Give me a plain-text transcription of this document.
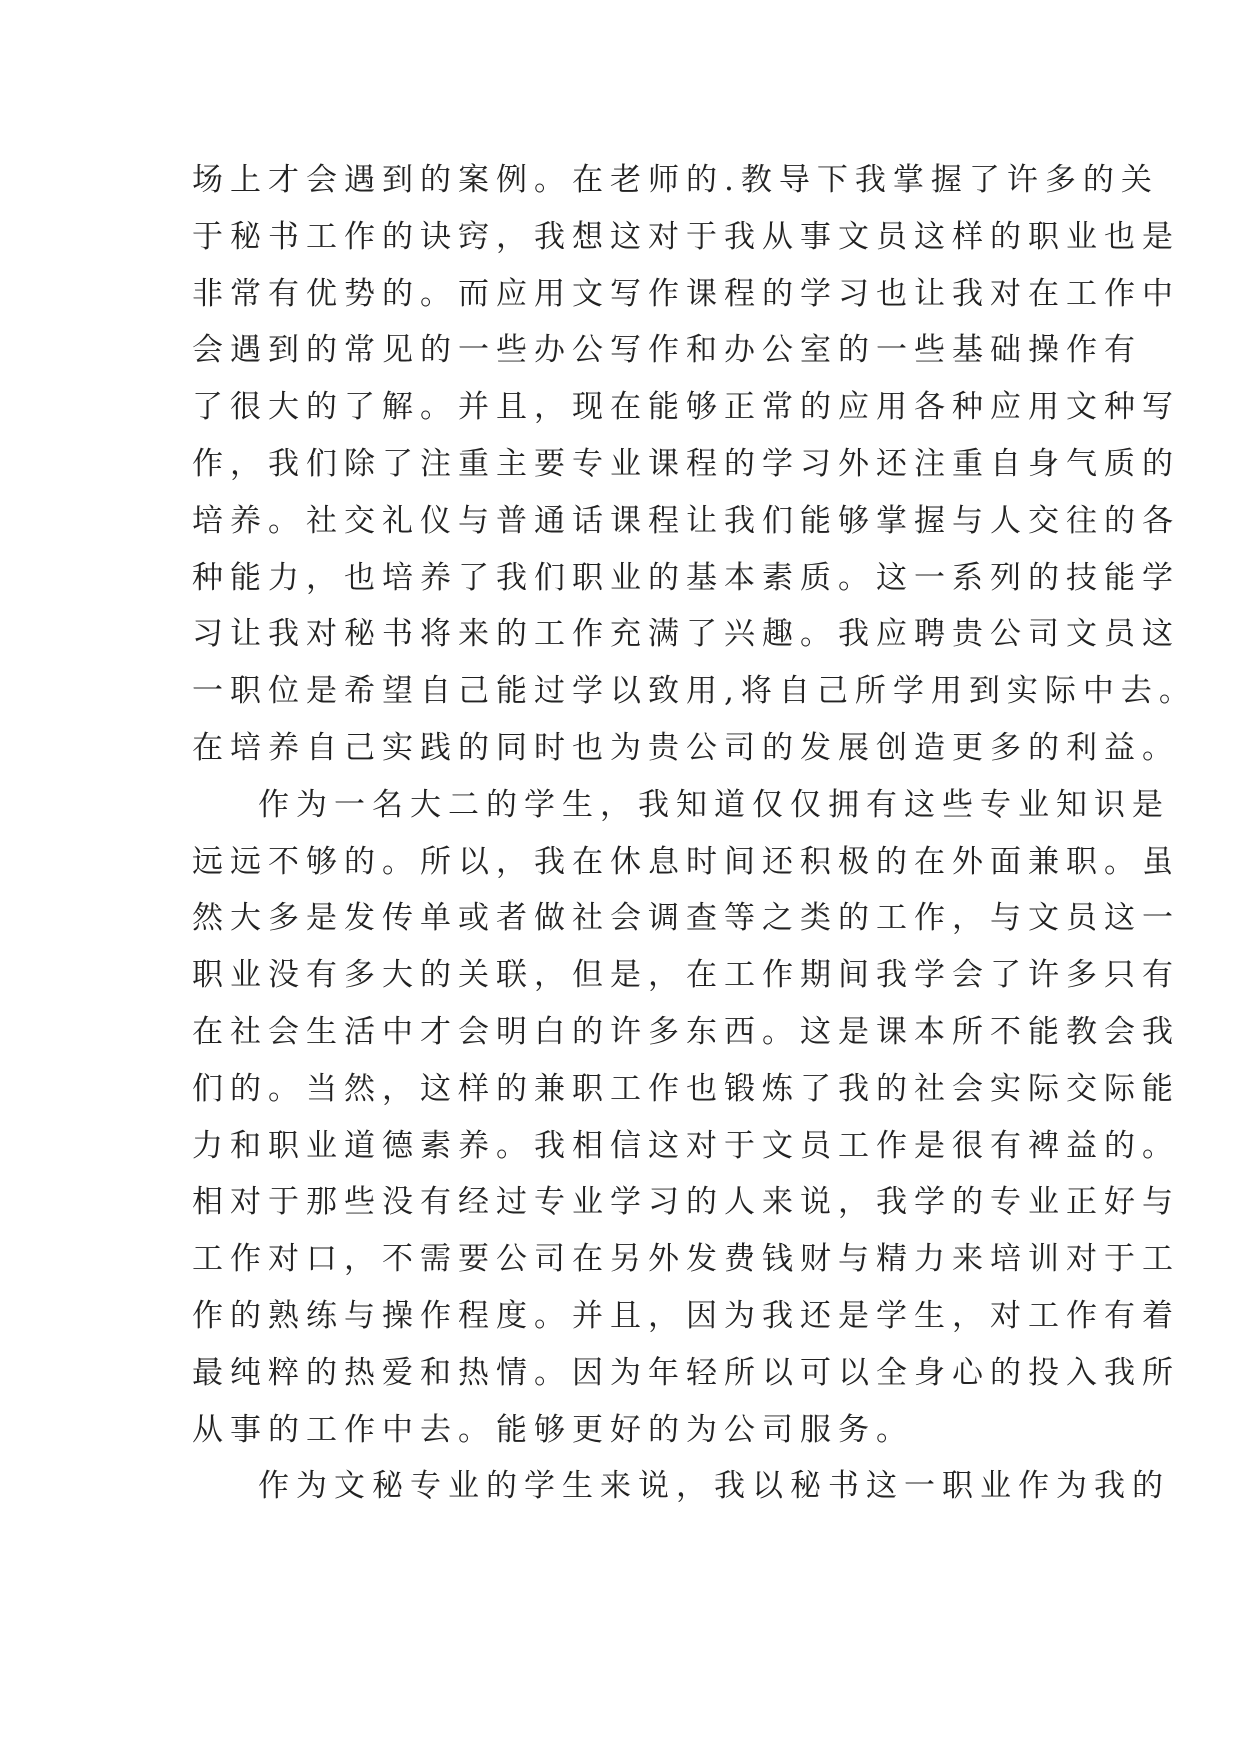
场上才会遇到的案例。在老师的.教导下我掌握了许多的关
于秘书工作的诀窍，我想这对于我从事文员这样的职业也是
非常有优势的。而应用文写作课程的学习也让我对在工作中
会遇到的常见的一些办公写作和办公室的一些基础操作有
了很大的了解。并且，现在能够正常的应用各种应用文种写
作，我们除了注重主要专业课程的学习外还注重自身气质的
培养。社交礼仪与普通话课程让我们能够掌握与人交往的各
种能力，也培养了我们职业的基本素质。这一系列的技能学
习让我对秘书将来的工作充满了兴趣。我应聘贵公司文员这
一职位是希望自己能过学以致用,将自己所学用到实际中去。
在培养自己实践的同时也为贵公司的发展创造更多的利益。
作为一名大二的学生，我知道仅仅拥有这些专业知识是
远远不够的。所以，我在休息时间还积极的在外面兼职。虽
然大多是发传单或者做社会调查等之类的工作，与文员这一
职业没有多大的关联，但是，在工作期间我学会了许多只有
在社会生活中才会明白的许多东西。这是课本所不能教会我
们的。当然，这样的兼职工作也锻炼了我的社会实际交际能
力和职业道德素养。我相信这对于文员工作是很有裨益的。
相对于那些没有经过专业学习的人来说，我学的专业正好与
工作对口，不需要公司在另外发费钱财与精力来培训对于工
作的熟练与操作程度。并且，因为我还是学生，对工作有着
最纯粹的热爱和热情。因为年轻所以可以全身心的投入我所
从事的工作中去。能够更好的为公司服务。
作为文秘专业的学生来说，我以秘书这一职业作为我的
